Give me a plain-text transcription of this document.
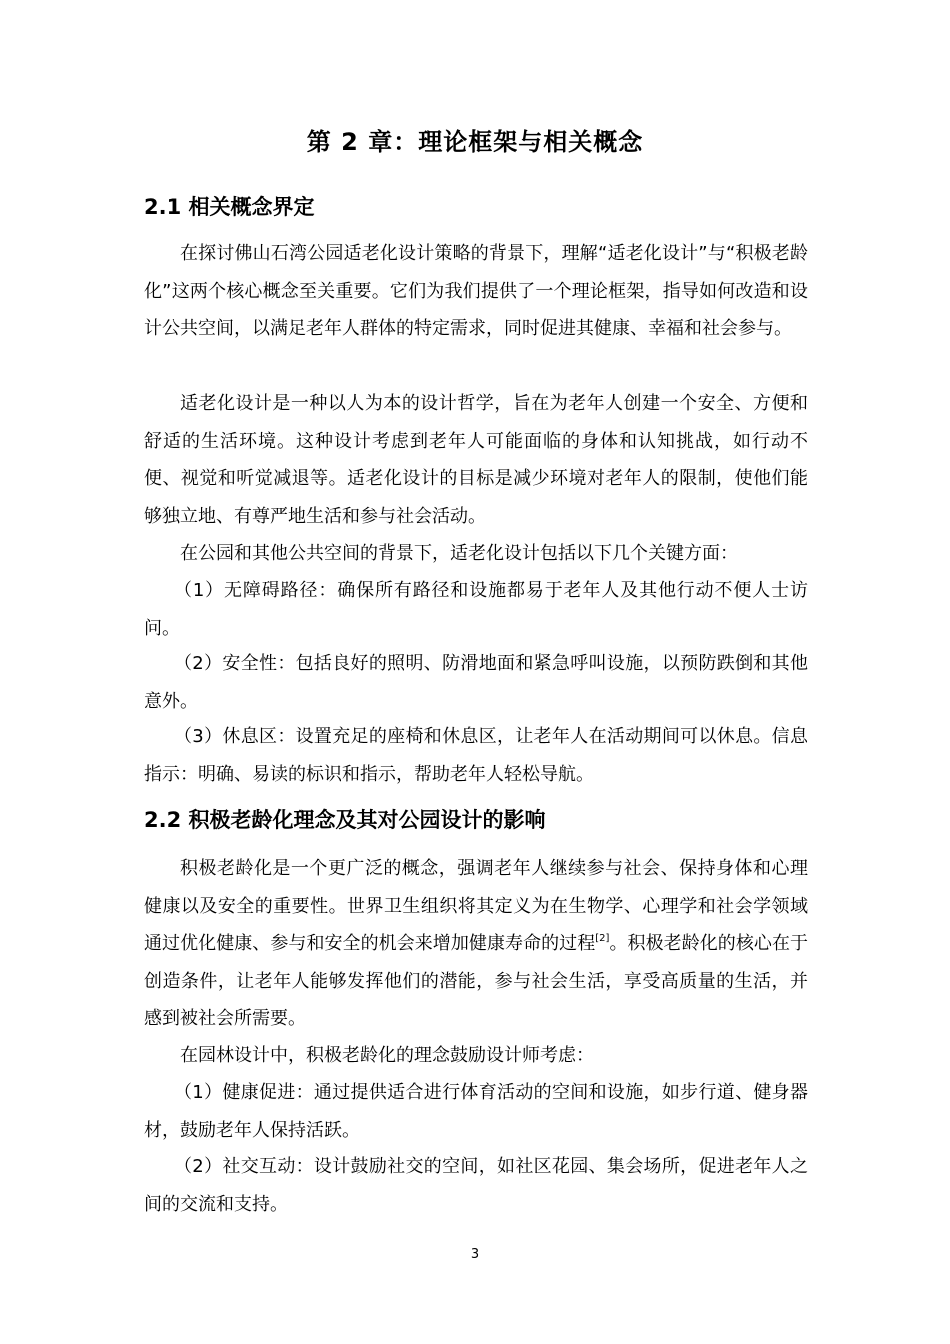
第 2 章：理论框架与相关概念
2.1 相关概念界定

在探讨佛山石湾公园适老化设计策略的背景下，理解“适老化设计”与“积极老龄化”这两个核心概念至关重要。它们为我们提供了一个理论框架，指导如何改造和设计公共空间，以满足老年人群体的特定需求，同时促进其健康、幸福和社会参与。

适老化设计是一种以人为本的设计哲学，旨在为老年人创建一个安全、方便和舒适的生活环境。这种设计考虑到老年人可能面临的身体和认知挑战，如行动不便、视觉和听觉减退等。适老化设计的目标是减少环境对老年人的限制，使他们能够独立地、有尊严地生活和参与社会活动。

在公园和其他公共空间的背景下，适老化设计包括以下几个关键方面：

（1）无障碍路径：确保所有路径和设施都易于老年人及其他行动不便人士访问。

（2）安全性：包括良好的照明、防滑地面和紧急呼叫设施，以预防跌倒和其他意外。

（3）休息区：设置充足的座椅和休息区，让老年人在活动期间可以休息。信息指示：明确、易读的标识和指示，帮助老年人轻松导航。

2.2 积极老龄化理念及其对公园设计的影响

积极老龄化是一个更广泛的概念，强调老年人继续参与社会、保持身体和心理健康以及安全的重要性。世界卫生组织将其定义为在生物学、心理学和社会学领域通过优化健康、参与和安全的机会来增加健康寿命的过程[2]。积极老龄化的核心在于创造条件，让老年人能够发挥他们的潜能，参与社会生活，享受高质量的生活，并感到被社会所需要。

在园林设计中，积极老龄化的理念鼓励设计师考虑：

（1）健康促进：通过提供适合进行体育活动的空间和设施，如步行道、健身器材，鼓励老年人保持活跃。

（2）社交互动：设计鼓励社交的空间，如社区花园、集会场所，促进老年人之间的交流和支持。

3
